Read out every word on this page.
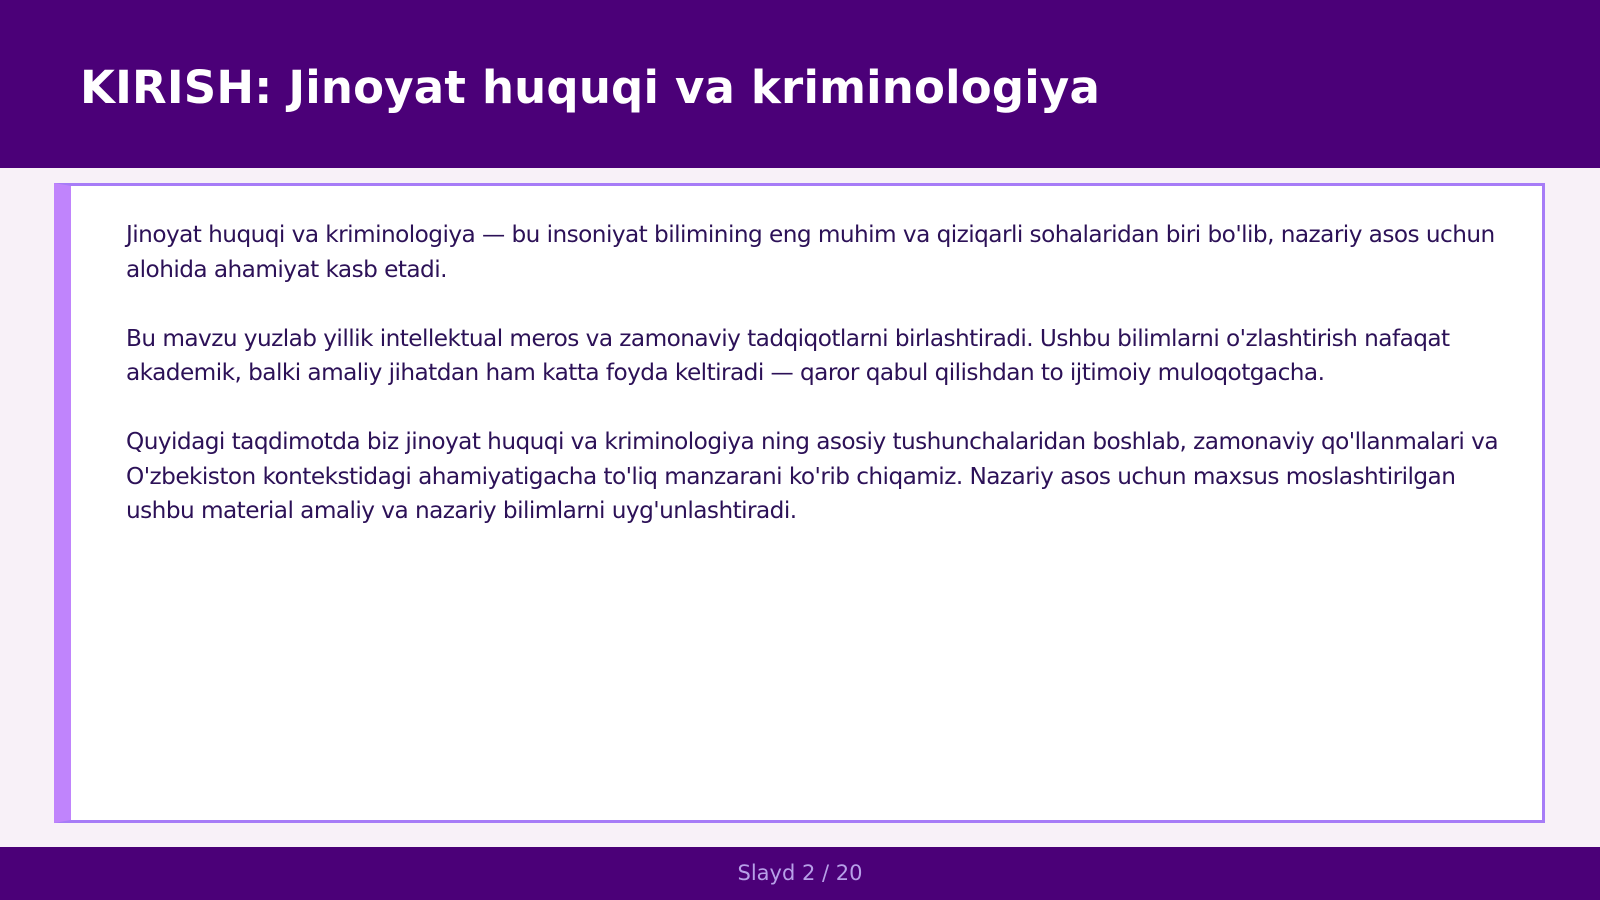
KIRISH: Jinoyat huquqi va kriminologiya

Jinoyat huquqi va kriminologiya — bu insoniyat bilimining eng muhim va qiziqarli sohalaridan biri bo'lib, nazariy asos uchun alohida ahamiyat kasb etadi.

Bu mavzu yuzlab yillik intellektual meros va zamonaviy tadqiqotlarni birlashtiradi. Ushbu bilimlarni o'zlashtirish nafaqat akademik, balki amaliy jihatdan ham katta foyda keltiradi — qaror qabul qilishdan to ijtimoiy muloqotgacha.

Quyidagi taqdimotda biz jinoyat huquqi va kriminologiya ning asosiy tushunchalaridan boshlab, zamonaviy qo'llanmalari va O'zbekiston kontekstidagi ahamiyatigacha to'liq manzarani ko'rib chiqamiz. Nazariy asos uchun maxsus moslashtirilgan ushbu material amaliy va nazariy bilimlarni uyg'unlashtiradi.

Slayd 2 / 20
